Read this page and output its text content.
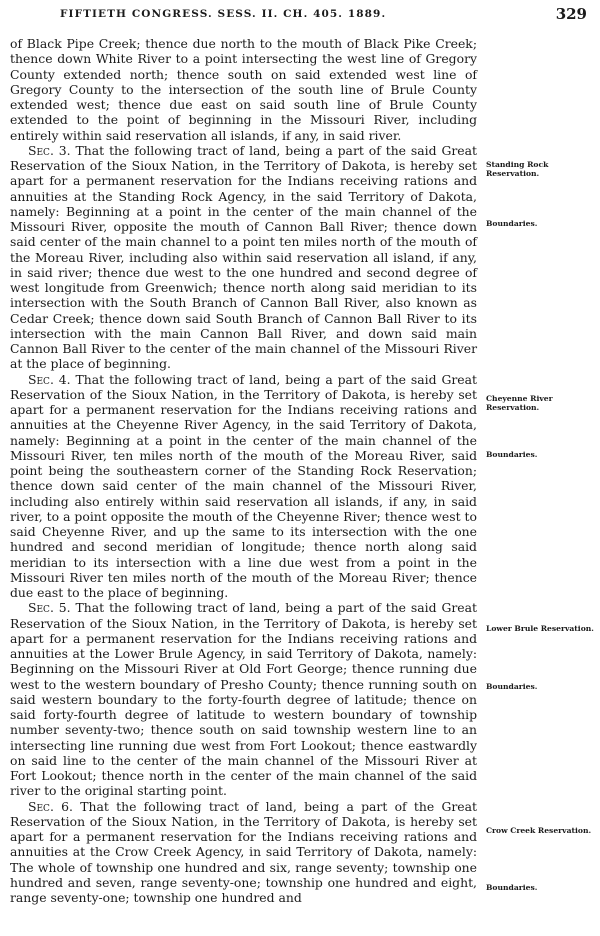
FIFTIETH CONGRESS. SESS. II. CH. 405. 1889.	329

of Black Pipe Creek; thence due north to the mouth of Black Pike Creek; thence down White River to a point intersecting the west line of Gregory County extended north; thence south on said extended west line of Gregory County to the intersection of the south line of Brule County extended west; thence due east on said south line of Brule County extended to the point of beginning in the Missouri River, including entirely within said reservation all islands, if any, in said river.

Sec. 3. That the following tract of land, being a part of the said Great Reservation of the Sioux Nation, in the Territory of Dakota, is hereby set apart for a permanent reservation for the Indians receiving rations and annuities at the Standing Rock Agency, in the said Territory of Dakota, namely: Beginning at a point in the center of the main channel of the Missouri River, opposite the mouth of Cannon Ball River; thence down said center of the main channel to a point ten miles north of the mouth of the Moreau River, including also within said reservation all island, if any, in said river; thence due west to the one hundred and second degree of west longitude from Greenwich; thence north along said meridian to its intersection with the South Branch of Cannon Ball River, also known as Cedar Creek; thence down said South Branch of Cannon Ball River to its intersection with the main Cannon Ball River, and down said main Cannon Ball River to the center of the main channel of the Missouri River at the place of beginning.

Sec. 4. That the following tract of land, being a part of the said Great Reservation of the Sioux Nation, in the Territory of Dakota, is hereby set apart for a permanent reservation for the Indians receiving rations and annuities at the Cheyenne River Agency, in the said Territory of Dakota, namely: Beginning at a point in the center of the main channel of the Missouri River, ten miles north of the mouth of the Moreau River, said point being the southeastern corner of the Standing Rock Reservation; thence down said center of the main channel of the Missouri River, including also entirely within said reservation all islands, if any, in said river, to a point opposite the mouth of the Cheyenne River; thence west to said Cheyenne River, and up the same to its intersection with the one hundred and second meridian of longitude; thence north along said meridian to its intersection with a line due west from a point in the Missouri River ten miles north of the mouth of the Moreau River; thence due east to the place of beginning.

Sec. 5. That the following tract of land, being a part of the said Great Reservation of the Sioux Nation, in the Territory of Dakota, is hereby set apart for a permanent reservation for the Indians receiving rations and annuities at the Lower Brule Agency, in said Territory of Dakota, namely: Beginning on the Missouri River at Old Fort George; thence running due west to the western boundary of Presho County; thence running south on said western boundary to the forty-fourth degree of latitude; thence on said forty-fourth degree of latitude to western boundary of township number seventy-two; thence south on said township western line to an intersecting line running due west from Fort Lookout; thence eastwardly on said line to the center of the main channel of the Missouri River at Fort Lookout; thence north in the center of the main channel of the said river to the original starting point.

Sec. 6. That the following tract of land, being a part of the Great Reservation of the Sioux Nation, in the Territory of Dakota, is hereby set apart for a permanent reservation for the Indians receiving rations and annuities at the Crow Creek Agency, in said Territory of Dakota, namely: The whole of township one hundred and six, range seventy; township one hundred and seven, range seventy-one; township one hundred and eight, range seventy-one; township one hundred and

Standing Rock Reservation.
Boundaries.
Cheyenne River Reservation.
Boundaries.
Lower Brule Reservation.
Boundaries.
Crow Creek Reservation.
Boundaries.
